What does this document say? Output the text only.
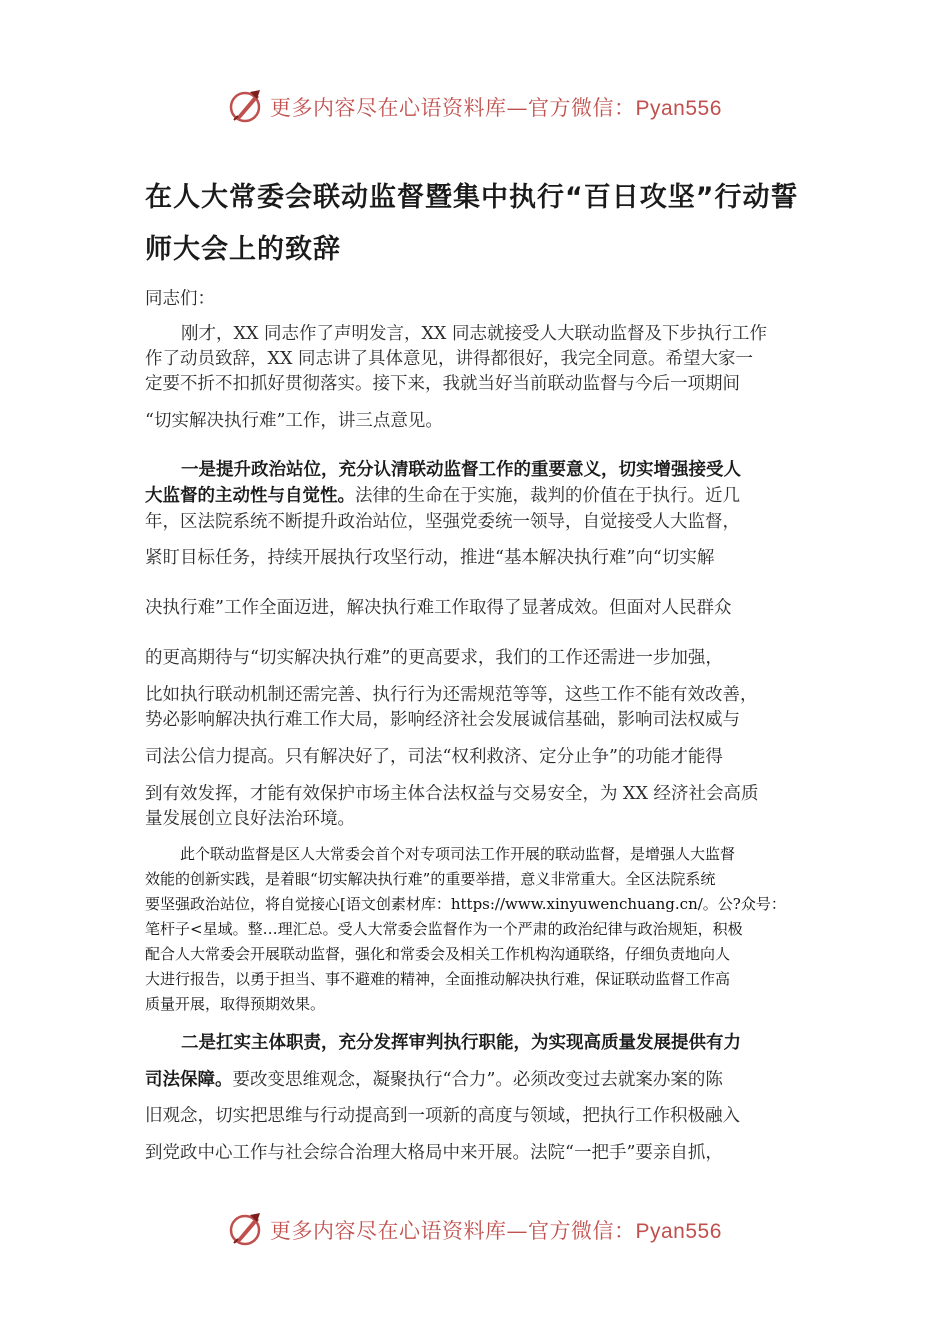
更多内容尽在心语资料库—官方微信：Pyan556
在人大常委会联动监督暨集中执行“百日攻坚”行动誓师大会上的致辞
同志们：
刚才，XX 同志作了声明发言，XX 同志就接受人大联动监督及下步执行工作
作了动员致辞，XX 同志讲了具体意见，讲得都很好，我完全同意。希望大家一
定要不折不扣抓好贯彻落实。接下来，我就当好当前联动监督与今后一项期间
“切实解决执行难”工作，讲三点意见。
一是提升政治站位，充分认清联动监督工作的重要意义，切实增强接受人
大监督的主动性与自觉性。法律的生命在于实施，裁判的价值在于执行。近几
年，区法院系统不断提升政治站位，坚强党委统一领导，自觉接受人大监督，
紧盯目标任务，持续开展执行攻坚行动，推进“基本解决执行难”向“切实解
决执行难”工作全面迈进，解决执行难工作取得了显著成效。但面对人民群众
的更高期待与“切实解决执行难”的更高要求，我们的工作还需进一步加强，
比如执行联动机制还需完善、执行行为还需规范等等，这些工作不能有效改善，
势必影响解决执行难工作大局，影响经济社会发展诚信基础，影响司法权威与
司法公信力提高。只有解决好了，司法“权利救济、定分止争”的功能才能得
到有效发挥，才能有效保护市场主体合法权益与交易安全，为 XX 经济社会高质
量发展创立良好法治环境。
此个联动监督是区人大常委会首个对专项司法工作开展的联动监督，是增强人大监督
效能的创新实践，是着眼“切实解决执行难”的重要举措，意义非常重大。全区法院系统
要坚强政治站位，将自觉接心[语文创素材库：https://www.xinyuwenchuang.cn/。公?众号：
笔杆子<星域。整…理汇总。受人大常委会监督作为一个严肃的政治纪律与政治规矩，积极
配合人大常委会开展联动监督，强化和常委会及相关工作机构沟通联络，仔细负责地向人
大进行报告，以勇于担当、事不避难的精神，全面推动解决执行难，保证联动监督工作高
质量开展，取得预期效果。
二是扛实主体职责，充分发挥审判执行职能，为实现高质量发展提供有力
司法保障。要改变思维观念，凝聚执行“合力”。必须改变过去就案办案的陈
旧观念，切实把思维与行动提高到一项新的高度与领域，把执行工作积极融入
到党政中心工作与社会综合治理大格局中来开展。法院“一把手”要亲自抓，
更多内容尽在心语资料库—官方微信：Pyan556
